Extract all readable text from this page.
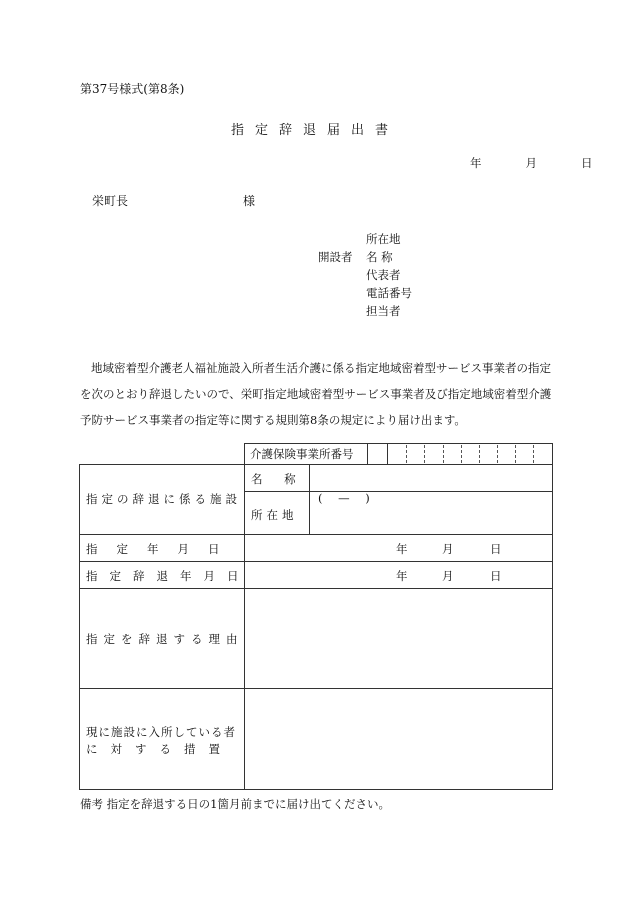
第37号様式(第8条)
指定辞退届出書
年	月	日
栄町長	様
開設者
所在地
名 称
代表者
電話番号
担当者
地域密着型介護老人福祉施設入所者生活介護に係る指定地域密着型サービス事業者の指定を次のとおり辞退したいので、栄町指定地域密着型サービス事業者及び指定地域密着型介護予防サービス事業者の指定等に関する規則第8条の規定により届け出ます。
介護保険事業所番号
指定の辞退に係る施設
名 称
所在地
( — )
指定年月日	年	月	日
指定辞退年月日	年	月	日
指定を辞退する理由
現に施設に入所している者
に対する措置
備考 指定を辞退する日の1箇月前までに届け出てください。
